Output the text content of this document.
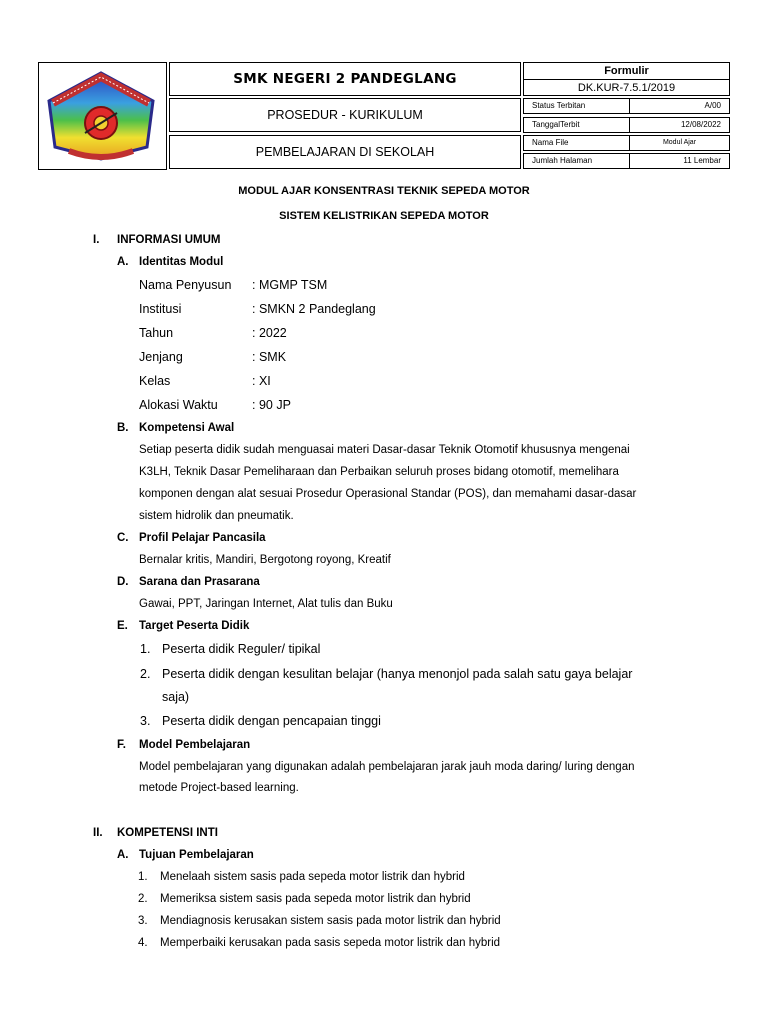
SMK NEGERI 2 PANDEGLANG
PROSEDUR - KURIKULUM
PEMBELAJARAN DI SEKOLAH
Formulir
DK.KUR-7.5.1/2019
Status Terbitan	A/00
TanggalTerbit	12/08/2022
Nama File	Modul Ajar
Jumlah Halaman	11 Lembar
MODUL AJAR KONSENTRASI TEKNIK SEPEDA MOTOR
SISTEM KELISTRIKAN SEPEDA MOTOR
I. INFORMASI UMUM
A. Identitas Modul
Nama Penyusun : MGMP TSM
Institusi	: SMKN 2 Pandeglang
Tahun	: 2022
Jenjang	: SMK
Kelas	: XI
Alokasi Waktu	: 90 JP
B. Kompetensi Awal
Setiap peserta didik sudah menguasai materi Dasar-dasar Teknik Otomotif khususnya mengenai
K3LH, Teknik Dasar Pemeliharaan dan Perbaikan seluruh proses bidang otomotif, memelihara
komponen dengan alat sesuai Prosedur Operasional Standar (POS), dan memahami dasar-dasar
sistem hidrolik dan pneumatik.
C. Profil Pelajar Pancasila
Bernalar kritis, Mandiri, Bergotong royong, Kreatif
D. Sarana dan Prasarana
Gawai, PPT, Jaringan Internet, Alat tulis dan Buku
E. Target Peserta Didik
1. Peserta didik Reguler/ tipikal
2. Peserta didik dengan kesulitan belajar (hanya menonjol pada salah satu gaya belajar
saja)
3. Peserta didik dengan pencapaian tinggi
F. Model Pembelajaran
Model pembelajaran yang digunakan adalah pembelajaran jarak jauh moda daring/ luring dengan
metode Project-based learning.
II. KOMPETENSI INTI
A. Tujuan Pembelajaran
1. Menelaah sistem sasis pada sepeda motor listrik dan hybrid
2. Memeriksa sistem sasis pada sepeda motor listrik dan hybrid
3. Mendiagnosis kerusakan sistem sasis pada motor listrik dan hybrid
4. Memperbaiki kerusakan pada sasis sepeda motor listrik dan hybrid
